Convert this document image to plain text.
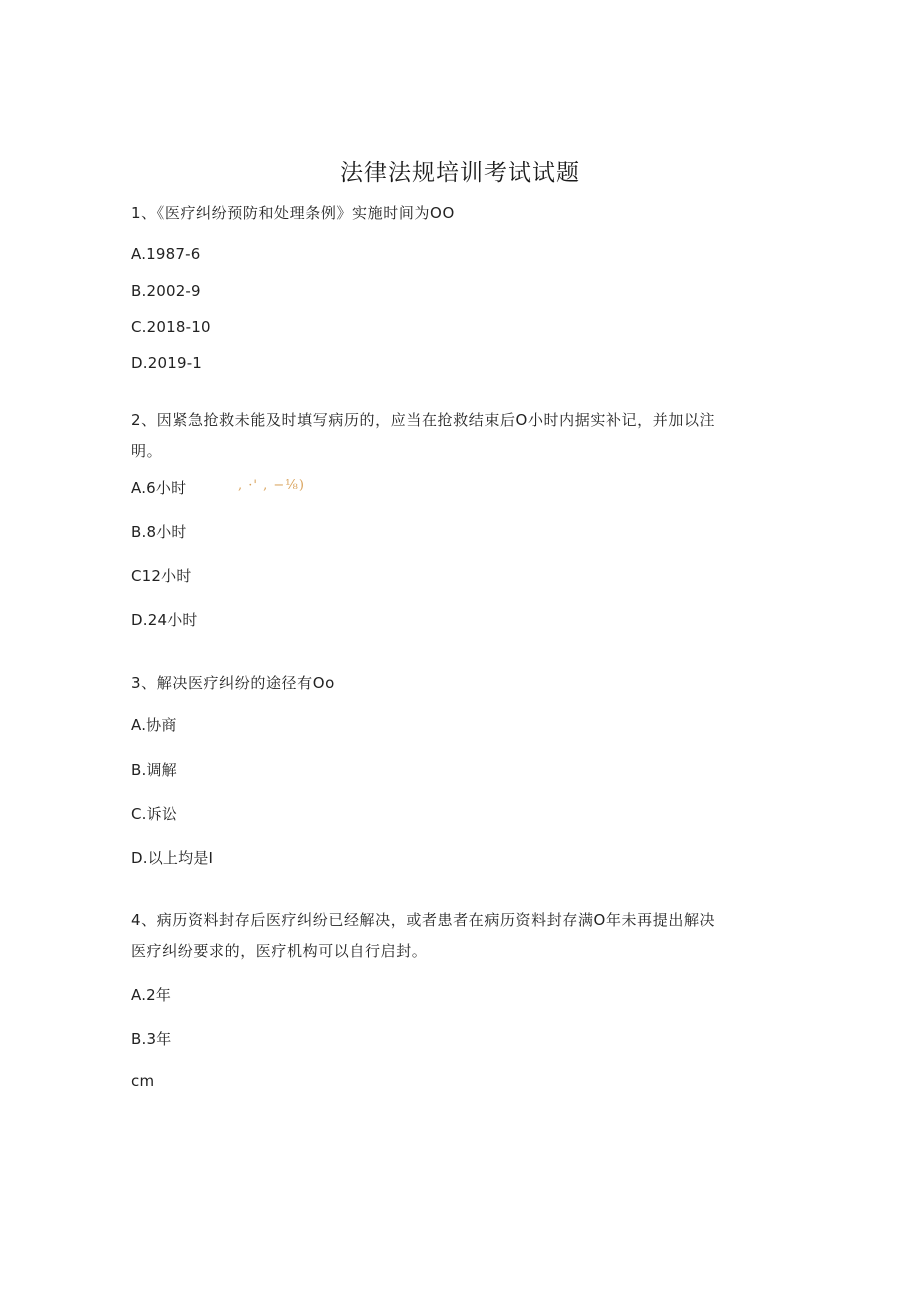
法律法规培训考试试题
1、《医疗纠纷预防和处理条例》实施时间为OO
A.1987-6
B.2002-9
C.2018-10
D.2019-1
2、因紧急抢救未能及时填写病历的，应当在抢救结束后O小时内据实补记，并加以注
明。
A.6小时	, ·' , −⅛)
B.8小时
C12小时
D.24小时
3、解决医疗纠纷的途径有Oo
A.协商
B.调解
C.诉讼
D.以上均是I
4、病历资料封存后医疗纠纷已经解决，或者患者在病历资料封存满O年未再提出解决
医疗纠纷要求的，医疗机构可以自行启封。
A.2年
B.3年
cm
